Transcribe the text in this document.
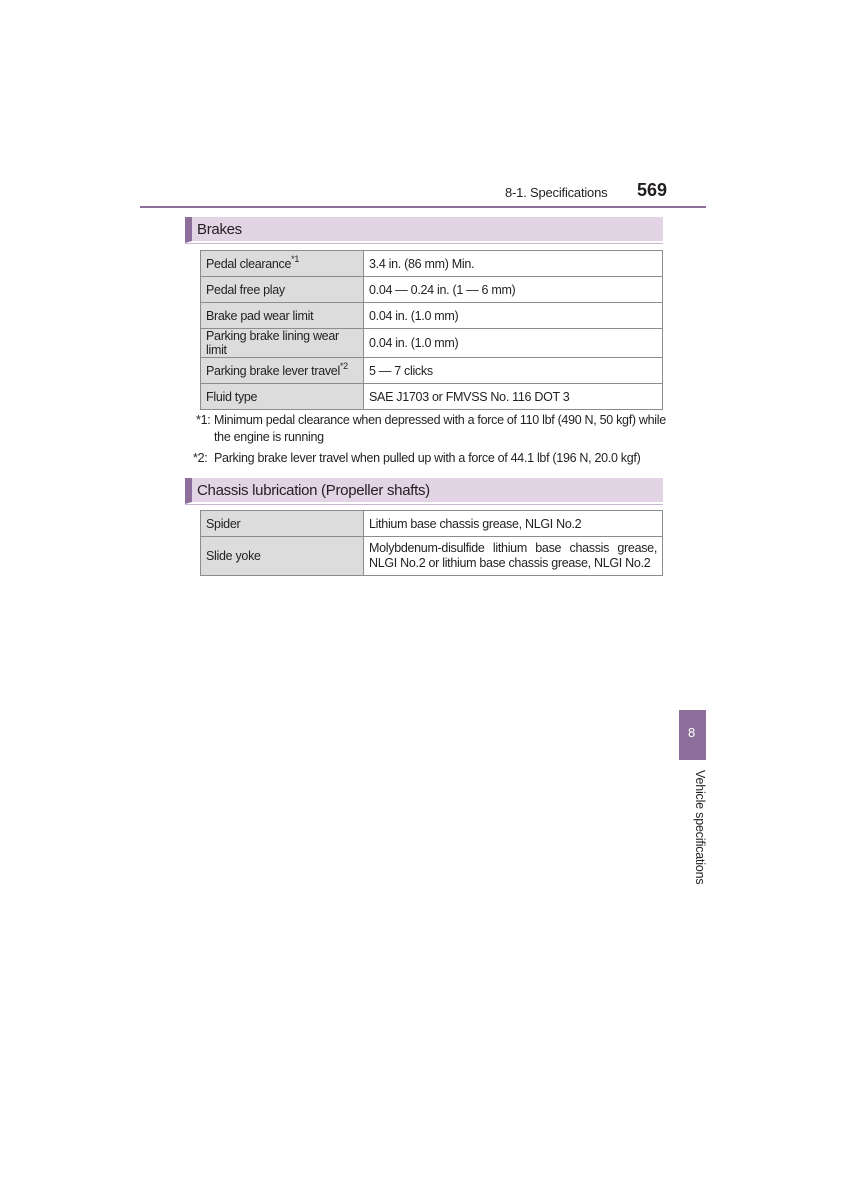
8-1. Specifications 569
Brakes
Pedal clearance$^{*1}$	3.4 in. (86 mm) Min.
Pedal free play	0.04 — 0.24 in. (1 — 6 mm)
Brake pad wear limit	0.04 in. (1.0 mm)
Parking brake lining wear limit	0.04 in. (1.0 mm)
Parking brake lever travel$^{*2}$	5 — 7 clicks
Fluid type	SAE J1703 or FMVSS No. 116 DOT 3
*1: Minimum pedal clearance when depressed with a force of 110 lbf (490 N, 50 kgf) while the engine is running
*2: Parking brake lever travel when pulled up with a force of 44.1 lbf (196 N, 20.0 kgf)
Chassis lubrication (Propeller shafts)
Spider	Lithium base chassis grease, NLGI No.2
Slide yoke	Molybdenum-disulfide lithium base chassis grease, NLGI No.2 or lithium base chassis grease, NLGI No.2
8
Vehicle specifications
